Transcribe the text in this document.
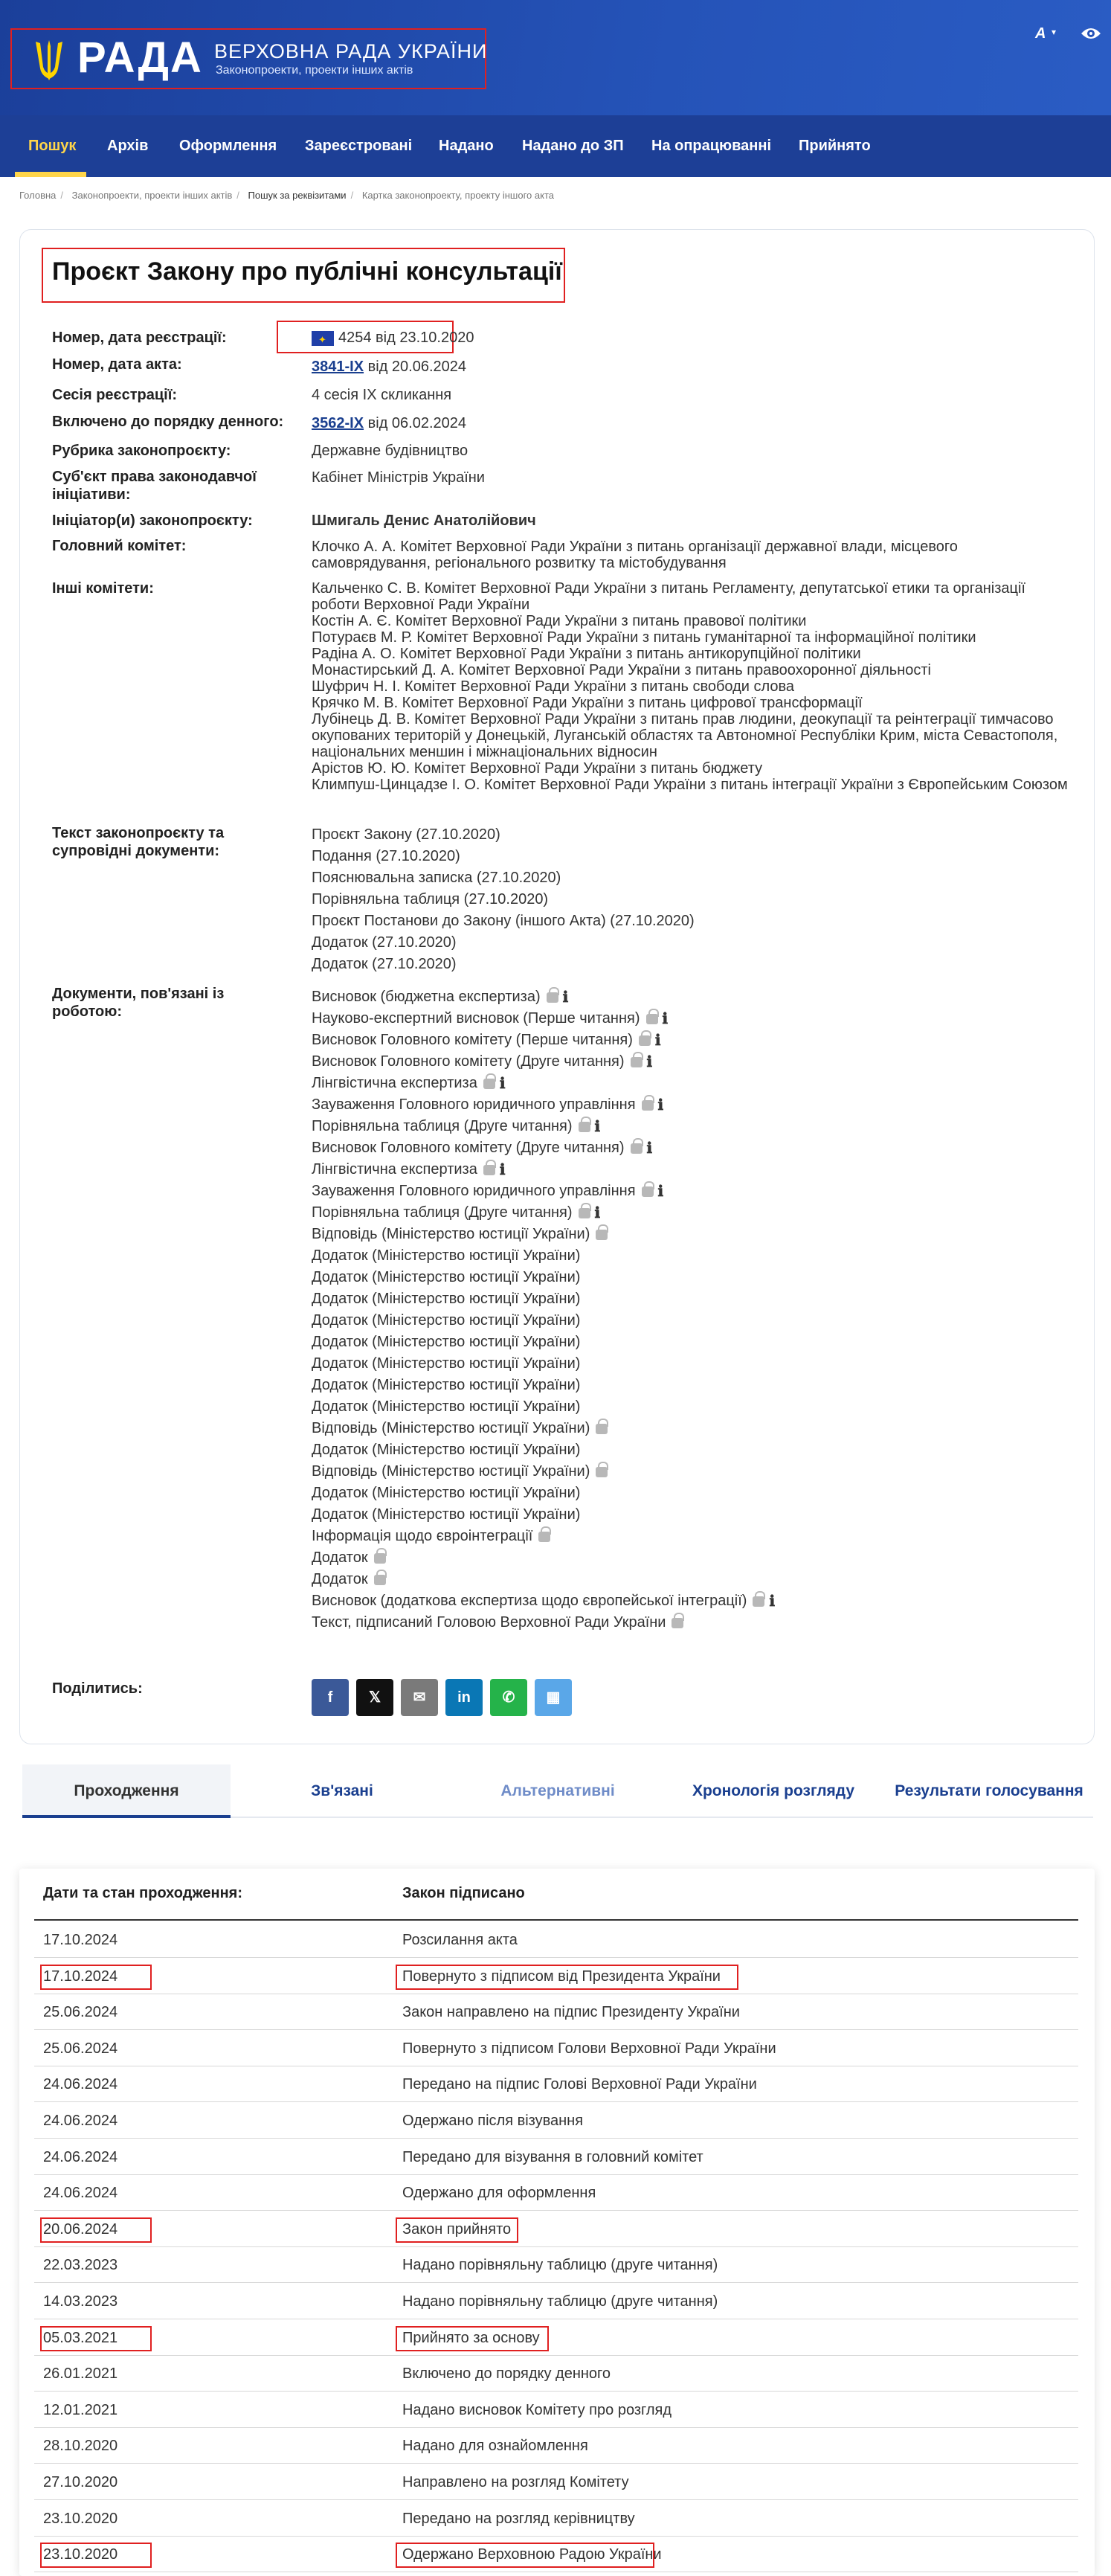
РАДА ВЕРХОВНА РАДА УКРАЇНИ
Законопроекти, проекти інших актів
A ▾
Пошук Архів Оформлення Зареєстровані Надано Надано до ЗП На опрацюванні Прийнято
Головна / Законопроекти, проекти інших актів / Пошук за реквізитами / Картка законопроекту, проекту іншого акта
Проєкт Закону про публічні консультації
Номер, дата реєстрації:
✦	4254 від 23.10.2020
Номер, дата акта:	3841-IX від 20.06.2024
Сесія реєстрації:	4 сесія IX скликання
Включено до порядку денного:	3562-IX від 06.02.2024
Рубрика законопроєкту:	Державне будівництво
Суб'єкт права законодавчої ініціативи:
Кабінет Міністрів України
Ініціатор(и) законопроєкту:	Шмигаль Денис Анатолійович
Головний комітет:	Клочко А. А. Комітет Верховної Ради України з питань організації державної влади, місцевого самоврядування, регіонального розвитку та містобудування
Інші комітети:	Кальченко С. В. Комітет Верховної Ради України з питань Регламенту, депутатської етики та організації роботи Верховної Ради України
Костін А. Є. Комітет Верховної Ради України з питань правової політики
Потураєв М. Р. Комітет Верховної Ради України з питань гуманітарної та інформаційної політики
Радіна А. О. Комітет Верховної Ради України з питань антикорупційної політики
Монастирський Д. А. Комітет Верховної Ради України з питань правоохоронної діяльності
Шуфрич Н. І. Комітет Верховної Ради України з питань свободи слова
Крячко М. В. Комітет Верховної Ради України з питань цифрової трансформації
Лубінець Д. В. Комітет Верховної Ради України з питань прав людини, деокупації та реінтеграції тимчасово окупованих територій у Донецькій, Луганській областях та Автономної Республіки Крим, міста Севастополя, національних меншин і міжнаціональних відносин
Арістов Ю. Ю. Комітет Верховної Ради України з питань бюджету
Климпуш-Цинцадзе І. О. Комітет Верховної Ради України з питань інтеграції України з Європейським Союзом
Текст законопроєкту та супровідні документи:
Проєкт Закону (27.10.2020)
Подання (27.10.2020)
Пояснювальна записка (27.10.2020)
Порівняльна таблиця (27.10.2020)
Проєкт Постанови до Закону (іншого Акта) (27.10.2020)
Додаток (27.10.2020)
Додаток (27.10.2020)
Документи, пов'язані із роботою:
Висновок (бюджетна експертиза) ℹ
Науково-експертний висновок (Перше читання) ℹ
Висновок Головного комітету (Перше читання) ℹ
Висновок Головного комітету (Друге читання) ℹ
Лінгвістична експертиза ℹ
Зауваження Головного юридичного управління ℹ
Порівняльна таблиця (Друге читання) ℹ
Висновок Головного комітету (Друге читання) ℹ
Лінгвістична експертиза ℹ
Зауваження Головного юридичного управління ℹ
Порівняльна таблиця (Друге читання) ℹ
Відповідь (Міністерство юстиції України)
Додаток (Міністерство юстиції України)
Додаток (Міністерство юстиції України)
Додаток (Міністерство юстиції України)
Додаток (Міністерство юстиції України)
Додаток (Міністерство юстиції України)
Додаток (Міністерство юстиції України)
Додаток (Міністерство юстиції України)
Додаток (Міністерство юстиції України)
Відповідь (Міністерство юстиції України)
Додаток (Міністерство юстиції України)
Відповідь (Міністерство юстиції України)
Додаток (Міністерство юстиції України)
Додаток (Міністерство юстиції України)
Інформація щодо євроінтеграції
Додаток
Додаток
Висновок (додаткова експертиза щодо європейської інтеграції) ℹ
Текст, підписаний Головою Верховної Ради України
Поділитись:
f	𝕏	✉	in	✆	▦
Проходження	Зв'язані	Альтернативні	Хронологія розгляду	Результати голосування
Дати та стан проходження:	Закон підписано
17.10.2024	Розсилання акта
17.10.2024	Повернуто з підписом від Президента України
25.06.2024	Закон направлено на підпис Президенту України
25.06.2024	Повернуто з підписом Голови Верховної Ради України
24.06.2024	Передано на підпис Голові Верховної Ради України
24.06.2024	Одержано після візування
24.06.2024	Передано для візування в головний комітет
24.06.2024	Одержано для оформлення
20.06.2024	Закон прийнято
22.03.2023	Надано порівняльну таблицю (друге читання)
14.03.2023	Надано порівняльну таблицю (друге читання)
05.03.2021	Прийнято за основу
26.01.2021	Включено до порядку денного
12.01.2021	Надано висновок Комітету про розгляд
28.10.2020	Надано для ознайомлення
27.10.2020	Направлено на розгляд Комітету
23.10.2020	Передано на розгляд керівництву
23.10.2020	Одержано Верховною Радою України
